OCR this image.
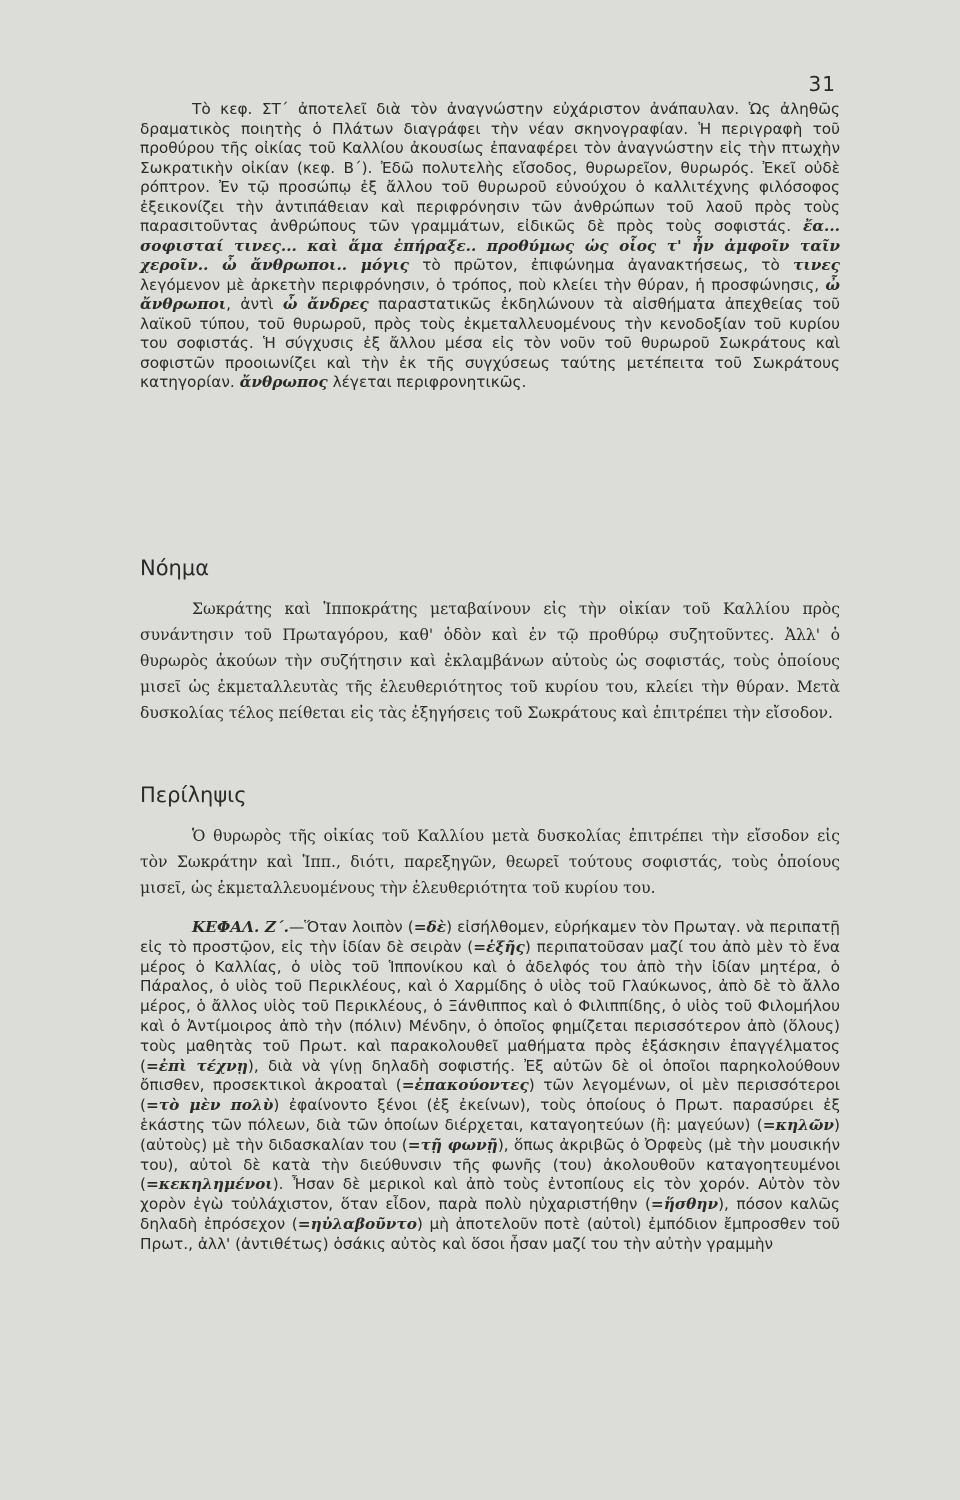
31

Τὸ κεφ. ΣΤ΄ ἀποτελεῖ διὰ τὸν ἀναγνώστην εὐχάριστον ἀνάπαυλαν. Ὡς ἀληθῶς δραματικὸς ποιητὴς ὁ Πλάτων διαγράφει τὴν νέαν σκηνογραφίαν. Ἡ περιγραφὴ τοῦ προθύρου τῆς οἰκίας τοῦ Καλλίου ἀκουσίως ἐπαναφέρει τὸν ἀναγνώστην εἰς τὴν πτωχὴν Σωκρατικὴν οἰκίαν (κεφ. Β΄). Ἐδῶ πολυτελὴς εἴσοδος, θυρωρεῖον, θυρωρός. Ἐκεῖ οὐδὲ ρόπτρον. Ἐν τῷ προσώπῳ ἐξ ἄλλου τοῦ θυρωροῦ εὐνούχου ὁ καλλιτέχνης φιλόσοφος ἐξεικονίζει τὴν ἀντιπάθειαν καὶ περιφρόνησιν τῶν ἀνθρώπων τοῦ λαοῦ πρὸς τοὺς παρασιτοῦντας ἀνθρώπους τῶν γραμμάτων, εἰδικῶς δὲ πρὸς τοὺς σοφιστάς. ἔα... σοφισταί τινες... καὶ ἅμα ἐπήραξε.. προθύμως ὡς οἷος τ' ἦν ἀμφοῖν ταῖν χεροῖν.. ὦ ἄνθρωποι.. μόγις τὸ πρῶτον, ἐπιφώνημα ἀγανακτήσεως, τὸ τινες λεγόμενον μὲ ἀρκετὴν περιφρόνησιν, ὁ τρόπος, ποὺ κλείει τὴν θύραν, ἡ προσφώνησις, ὦ ἄνθρωποι, ἀντὶ ὦ ἄνδρες παραστατικῶς ἐκδηλώνουν τὰ αἰσθήματα ἀπεχθείας τοῦ λαϊκοῦ τύπου, τοῦ θυρωροῦ, πρὸς τοὺς ἐκμεταλλευομένους τὴν κενοδοξίαν τοῦ κυρίου του σοφιστάς. Ἡ σύγχυσις ἐξ ἄλλου μέσα εἰς τὸν νοῦν τοῦ θυρωροῦ Σωκράτους καὶ σοφιστῶν προοιωνίζει καὶ τὴν ἐκ τῆς συγχύσεως ταύτης μετέπειτα τοῦ Σωκράτους κατηγορίαν. ἄνθρωπος λέγεται περιφρονητικῶς.

Νόημα

Σωκράτης καὶ Ἱπποκράτης μεταβαίνουν εἰς τὴν οἰκίαν τοῦ Καλλίου πρὸς συνάντησιν τοῦ Πρωταγόρου, καθ' ὁδὸν καὶ ἐν τῷ προθύρῳ συζητοῦντες. Ἀλλ' ὁ θυρωρὸς ἀκούων τὴν συζήτησιν καὶ ἐκλαμβάνων αὐτοὺς ὡς σοφιστάς, τοὺς ὁποίους μισεῖ ὡς ἐκμεταλλευτὰς τῆς ἐλευθεριότητος τοῦ κυρίου του, κλείει τὴν θύραν. Μετὰ δυσκολίας τέλος πείθεται εἰς τὰς ἐξηγήσεις τοῦ Σωκράτους καὶ ἐπιτρέπει τὴν εἴσοδον.

Περίληψις

Ὁ θυρωρὸς τῆς οἰκίας τοῦ Καλλίου μετὰ δυσκολίας ἐπιτρέπει τὴν εἴσοδον εἰς τὸν Σωκράτην καὶ Ἱππ., διότι, παρεξηγῶν, θεωρεῖ τούτους σοφιστάς, τοὺς ὁποίους μισεῖ, ὡς ἐκμεταλλευομένους τὴν ἐλευθεριότητα τοῦ κυρίου του.

ΚΕΦΑΛ. Ζ΄.—Ὅταν λοιπὸν (=δὲ) εἰσήλθομεν, εὑρήκαμεν τὸν Πρωταγ. νὰ περιπατῇ εἰς τὸ προστῷον, εἰς τὴν ἰδίαν δὲ σειρὰν (=ἑξῆς) περιπατοῦσαν μαζί του ἀπὸ μὲν τὸ ἕνα μέρος ὁ Καλλίας, ὁ υἱὸς τοῦ Ἱππονίκου καὶ ὁ ἀδελφός του ἀπὸ τὴν ἰδίαν μητέρα, ὁ Πάραλος, ὁ υἱὸς τοῦ Περικλέους, καὶ ὁ Χαρμίδης ὁ υἱὸς τοῦ Γλαύκωνος, ἀπὸ δὲ τὸ ἄλλο μέρος, ὁ ἄλλος υἱὸς τοῦ Περικλέους, ὁ Ξάνθιππος καὶ ὁ Φιλιππίδης, ὁ υἱὸς τοῦ Φιλομήλου καὶ ὁ Ἀντίμοιρος ἀπὸ τὴν (πόλιν) Μένδην, ὁ ὁποῖος φημίζεται περισσότερον ἀπὸ (ὅλους) τοὺς μαθητὰς τοῦ Πρωτ. καὶ παρακολουθεῖ μαθήματα πρὸς ἐξάσκησιν ἐπαγγέλματος (=ἐπὶ τέχνῃ), διὰ νὰ γίνῃ δηλαδὴ σοφιστής. Ἐξ αὐτῶν δὲ οἱ ὁποῖοι παρηκολούθουν ὄπισθεν, προσεκτικοὶ ἀκροαταὶ (=ἐπακούοντες) τῶν λεγομένων, οἱ μὲν περισσότεροι (=τὸ μὲν πολὺ) ἐφαίνοντο ξένοι (ἐξ ἐκείνων), τοὺς ὁποίους ὁ Πρωτ. παρασύρει ἐξ ἑκάστης τῶν πόλεων, διὰ τῶν ὁποίων διέρχεται, καταγοητεύων (ἢ: μαγεύων) (=κηλῶν) (αὐτοὺς) μὲ τὴν διδασκαλίαν του (=τῇ φωνῇ), ὅπως ἀκριβῶς ὁ Ὀρφεὺς (μὲ τὴν μουσικήν του), αὐτοὶ δὲ κατὰ τὴν διεύθυνσιν τῆς φωνῆς (του) ἀκολουθοῦν καταγοητευμένοι (=κεκηλημένοι). Ἦσαν δὲ μερικοὶ καὶ ἀπὸ τοὺς ἐντοπίους εἰς τὸν χορόν. Αὐτὸν τὸν χορὸν ἐγὼ τοὐλάχιστον, ὅταν εἶδον, παρὰ πολὺ ηὐχαριστήθην (=ἥσθην), πόσον καλῶς δηλαδὴ ἐπρόσεχον (=ηὐλαβοῦντο) μὴ ἀποτελοῦν ποτὲ (αὐτοὶ) ἐμπόδιον ἔμπροσθεν τοῦ Πρωτ., ἀλλ' (ἀντιθέτως) ὁσάκις αὐτὸς καὶ ὅσοι ἦσαν μαζί του τὴν αὐτὴν γραμμὴν
